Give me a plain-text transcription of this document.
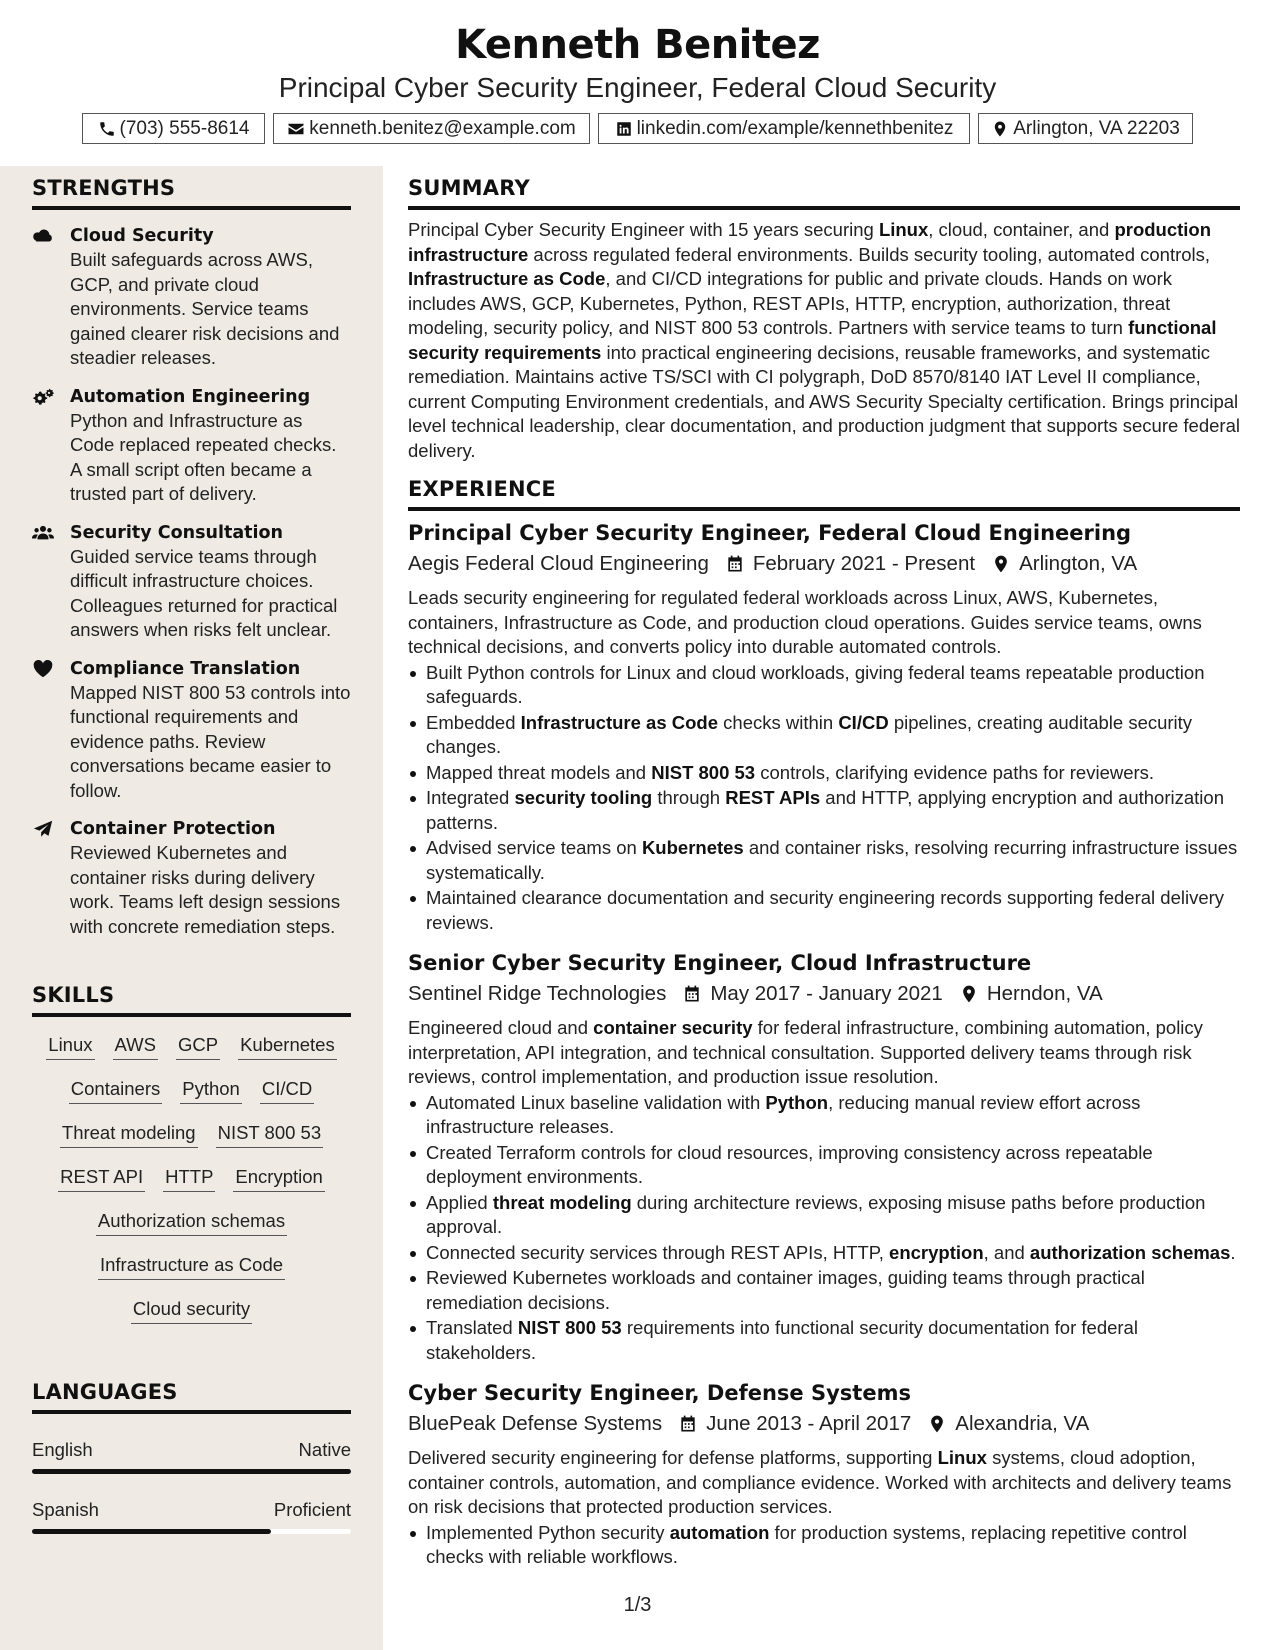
Kenneth Benitez
Principal Cyber Security Engineer, Federal Cloud Security
(703) 555-8614	kenneth.benitez@example.com	linkedin.com/example/kennethbenitez	Arlington, VA 22203
STRENGTHS
Cloud Security
Built safeguards across AWS, GCP, and private cloud environments. Service teams gained clearer risk decisions and steadier releases.
Automation Engineering
Python and Infrastructure as Code replaced repeated checks. A small script often became a trusted part of delivery.
Security Consultation
Guided service teams through difficult infrastructure choices. Colleagues returned for practical answers when risks felt unclear.
Compliance Translation
Mapped NIST 800 53 controls into functional requirements and evidence paths. Review conversations became easier to follow.
Container Protection
Reviewed Kubernetes and container risks during delivery work. Teams left design sessions with concrete remediation steps.
SKILLS
Linux AWS GCP Kubernetes
Containers Python CI/CD
Threat modeling NIST 800 53
REST API HTTP Encryption
Authorization schemas
Infrastructure as Code
Cloud security
LANGUAGES
English	Native
Spanish	Proficient
SUMMARY
Principal Cyber Security Engineer with 15 years securing Linux, cloud, container, and production infrastructure across regulated federal environments. Builds security tooling, automated controls, Infrastructure as Code, and CI/CD integrations for public and private clouds. Hands on work includes AWS, GCP, Kubernetes, Python, REST APIs, HTTP, encryption, authorization, threat modeling, security policy, and NIST 800 53 controls. Partners with service teams to turn functional security requirements into practical engineering decisions, reusable frameworks, and systematic remediation. Maintains active TS/SCI with CI polygraph, DoD 8570/8140 IAT Level II compliance, current Computing Environment credentials, and AWS Security Specialty certification. Brings principal level technical leadership, clear documentation, and production judgment that supports secure federal delivery.
EXPERIENCE
Principal Cyber Security Engineer, Federal Cloud Engineering
Aegis Federal Cloud Engineering February 2021 - Present Arlington, VA
Leads security engineering for regulated federal workloads across Linux, AWS, Kubernetes, containers, Infrastructure as Code, and production cloud operations. Guides service teams, owns technical decisions, and converts policy into durable automated controls.
Built Python controls for Linux and cloud workloads, giving federal teams repeatable production safeguards.
Embedded Infrastructure as Code checks within CI/CD pipelines, creating auditable security changes.
Mapped threat models and NIST 800 53 controls, clarifying evidence paths for reviewers.
Integrated security tooling through REST APIs and HTTP, applying encryption and authorization patterns.
Advised service teams on Kubernetes and container risks, resolving recurring infrastructure issues systematically.
Maintained clearance documentation and security engineering records supporting federal delivery reviews.
Senior Cyber Security Engineer, Cloud Infrastructure
Sentinel Ridge Technologies May 2017 - January 2021 Herndon, VA
Engineered cloud and container security for federal infrastructure, combining automation, policy interpretation, API integration, and technical consultation. Supported delivery teams through risk reviews, control implementation, and production issue resolution.
Automated Linux baseline validation with Python, reducing manual review effort across infrastructure releases.
Created Terraform controls for cloud resources, improving consistency across repeatable deployment environments.
Applied threat modeling during architecture reviews, exposing misuse paths before production approval.
Connected security services through REST APIs, HTTP, encryption, and authorization schemas.
Reviewed Kubernetes workloads and container images, guiding teams through practical remediation decisions.
Translated NIST 800 53 requirements into functional security documentation for federal stakeholders.
Cyber Security Engineer, Defense Systems
BluePeak Defense Systems June 2013 - April 2017 Alexandria, VA
Delivered security engineering for defense platforms, supporting Linux systems, cloud adoption, container controls, automation, and compliance evidence. Worked with architects and delivery teams on risk decisions that protected production services.
Implemented Python security automation for production systems, replacing repetitive control checks with reliable workflows.
1/3
